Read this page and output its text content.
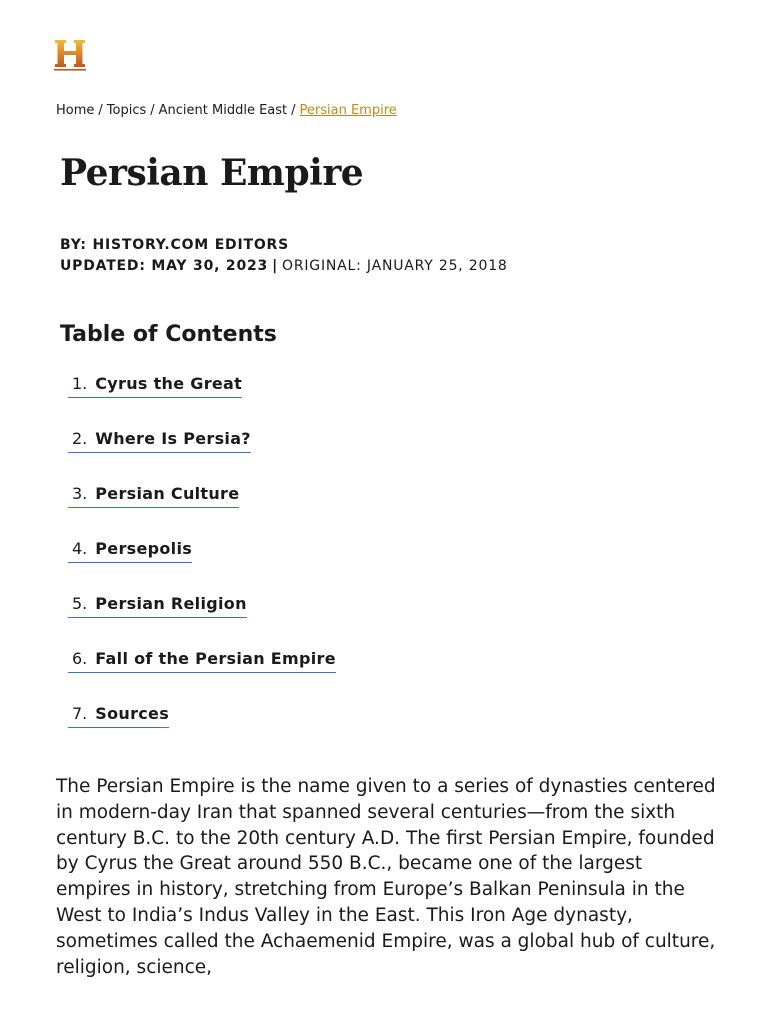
Home / Topics / Ancient Middle East / Persian Empire
Persian Empire
BY: HISTORY.COM EDITORS
UPDATED: MAY 30, 2023 | ORIGINAL: JANUARY 25, 2018
Table of Contents
1. Cyrus the Great
2. Where Is Persia?
3. Persian Culture
4. Persepolis
5. Persian Religion
6. Fall of the Persian Empire
7. Sources

The Persian Empire is the name given to a series of dynasties centered in modern-day Iran that spanned several centuries—from the sixth century B.C. to the 20th century A.D. The first Persian Empire, founded by Cyrus the Great around 550 B.C., became one of the largest empires in history, stretching from Europe’s Balkan Peninsula in the West to India’s Indus Valley in the East. This Iron Age dynasty, sometimes called the Achaemenid Empire, was a global hub of culture, religion, science,
